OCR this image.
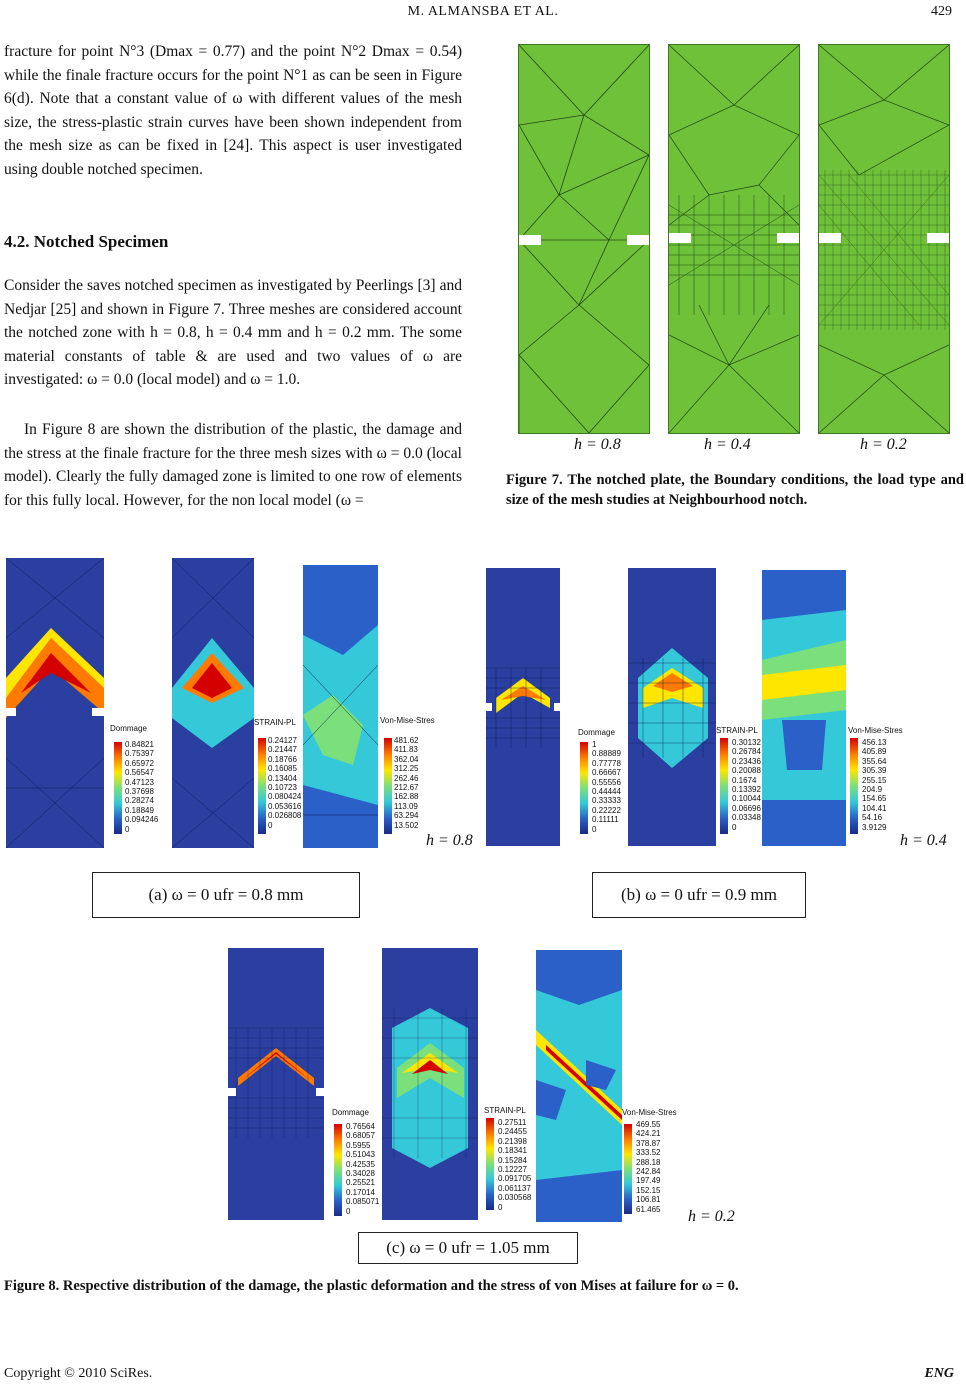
M. ALMANSBA ET AL.	429

fracture for point N°3 (Dmax = 0.77) and the point N°2 Dmax = 0.54) while the finale fracture occurs for the point N°1 as can be seen in Figure 6(d). Note that a constant value of ω with different values of the mesh size, the stress-plastic strain curves have been shown independent from the mesh size as can be fixed in [24]. This aspect is user investigated using double notched specimen.

4.2. Notched Specimen

Consider the saves notched specimen as investigated by Peerlings [3] and Nedjar [25] and shown in Figure 7. Three meshes are considered account the notched zone with h = 0.8, h = 0.4 mm and h = 0.2 mm. The some material constants of table & are used and two values of ω are investigated: ω = 0.0 (local model) and ω = 1.0.

In Figure 8 are shown the distribution of the plastic, the damage and the stress at the finale fracture for the three mesh sizes with ω = 0.0 (local model). Clearly the fully damaged zone is limited to one row of elements for this fully local. However, for the non local model (ω =

h = 0.8	h = 0.4	h = 0.2
Figure 7. The notched plate, the Boundary conditions, the load type and size of the mesh studies at Neighbourhood notch.
Dommage
0.84821
0.75397
0.65972
0.56547
0.47123
0.37698
0.28274
0.18849
0.094246
0
STRAIN-PL
0.24127
0.21447
0.18766
0.16085
0.13404
0.10723
0.080424
0.053616
0.026808
0
Von-Mise-Stres
481.62
411.83
362.04
312.25
262.46
212.67
162.88
113.09
63.294
13.502
h = 0.8
Dommage
1
0.88889
0.77778
0.66667
0.55556
0.44444
0.33333
0.22222
0.11111
0
STRAIN-PL
0.30132
0.26784
0.23436
0.20088
0.1674
0.13392
0.10044
0.06696
0.03348
0
Von-Mise-Stres
456.13
405.89
355.64
305.39
255.15
204.9
154.65
104.41
54.16
3.9129
h = 0.4
(a) ω = 0 ufr = 0.8 mm	(b) ω = 0 ufr = 0.9 mm
Dommage
0.76564
0.68057
0.5955
0.51043
0.42535
0.34028
0.25521
0.17014
0.085071
0
STRAIN-PL
0.27511
0.24455
0.21398
0.18341
0.15284
0.12227
0.091705
0.061137
0.030568
0
Von-Mise-Stres
469.55
424.21
378.87
333.52
288.18
242.84
197.49
152.15
106.81
61.465 h = 0.2
(c) ω = 0 ufr = 1.05 mm
Figure 8. Respective distribution of the damage, the plastic deformation and the stress of von Mises at failure for ω = 0.
Copyright © 2010 SciRes.	ENG
